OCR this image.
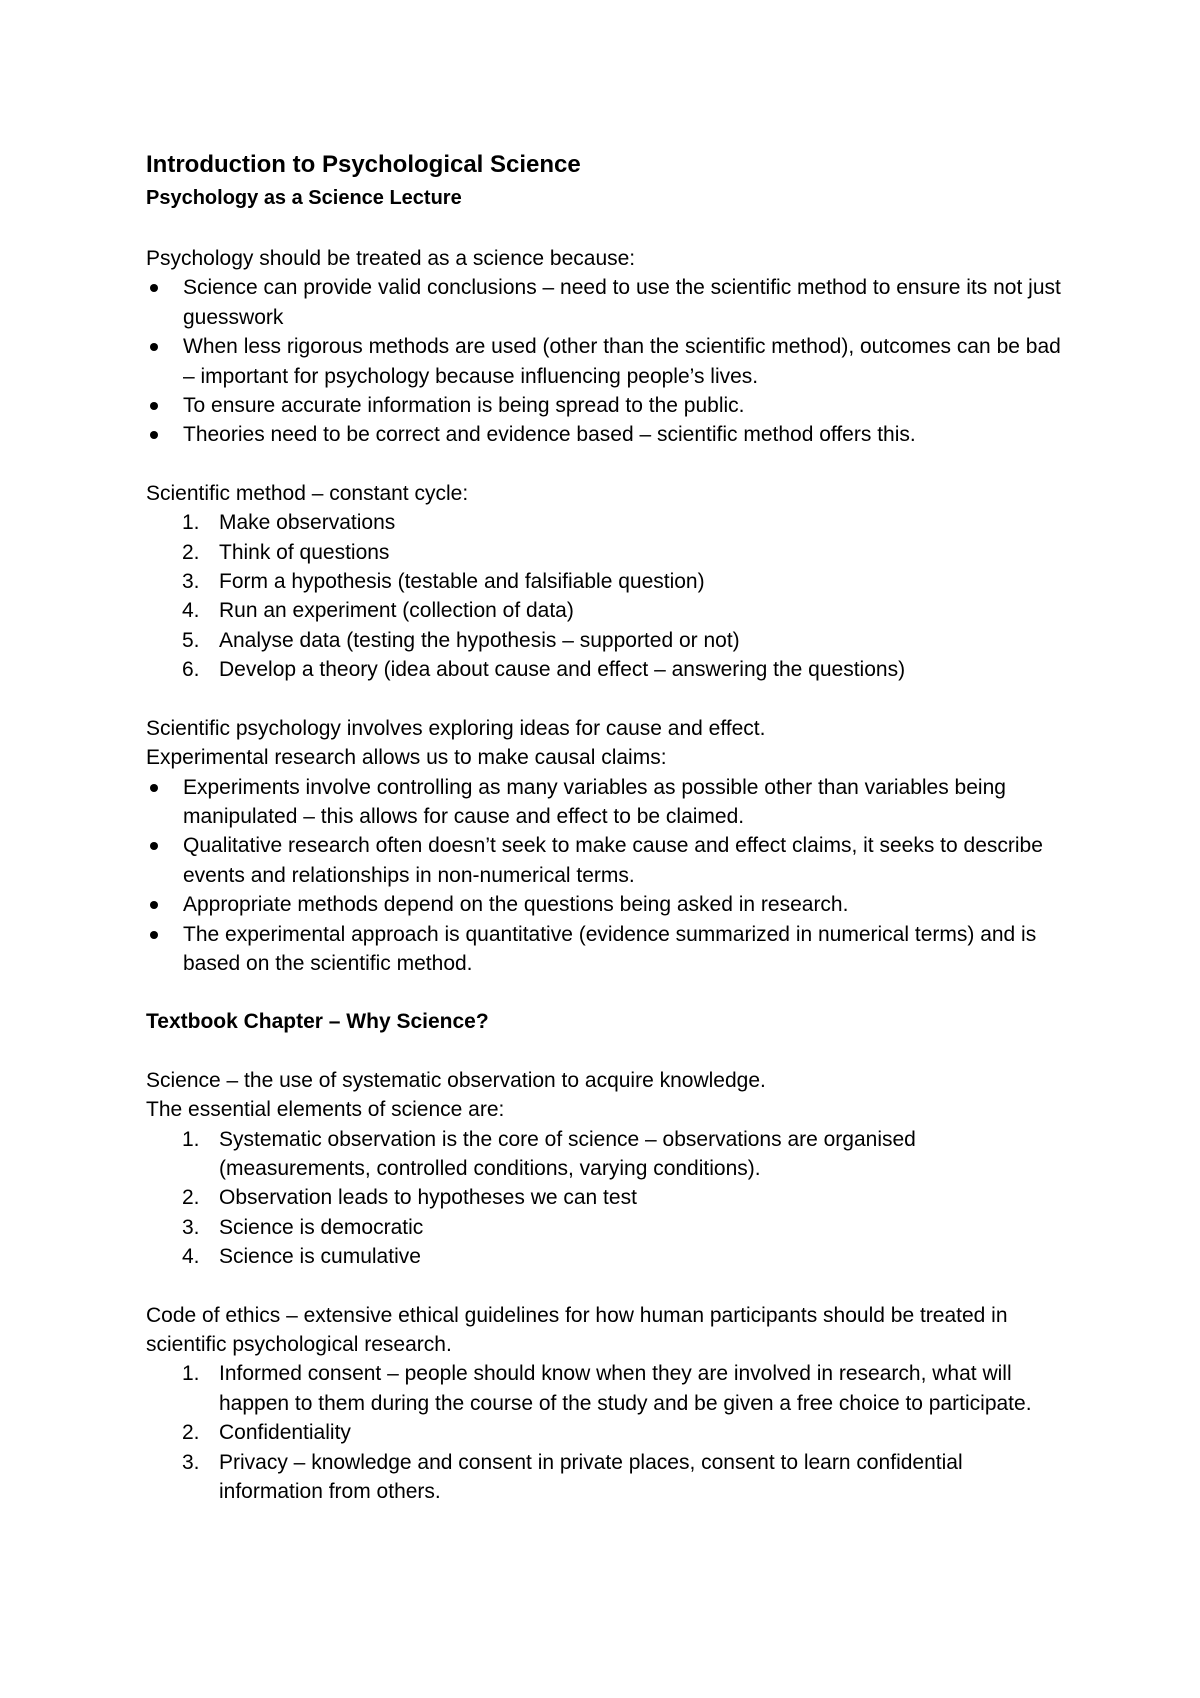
Introduction to Psychological Science
Psychology as a Science Lecture

Psychology should be treated as a science because:

Science can provide valid conclusions – need to use the scientific method to ensure its not just guesswork
When less rigorous methods are used (other than the scientific method), outcomes can be bad – important for psychology because influencing people’s lives.
To ensure accurate information is being spread to the public.
Theories need to be correct and evidence based – scientific method offers this.

Scientific method – constant cycle:

1. Make observations
2. Think of questions
3. Form a hypothesis (testable and falsifiable question)
4. Run an experiment (collection of data)
5. Analyse data (testing the hypothesis – supported or not)
6. Develop a theory (idea about cause and effect – answering the questions)

Scientific psychology involves exploring ideas for cause and effect.

Experimental research allows us to make causal claims:

Experiments involve controlling as many variables as possible other than variables being manipulated – this allows for cause and effect to be claimed.
Qualitative research often doesn’t seek to make cause and effect claims, it seeks to describe events and relationships in non-numerical terms.
Appropriate methods depend on the questions being asked in research.
The experimental approach is quantitative (evidence summarized in numerical terms) and is based on the scientific method.

Textbook Chapter – Why Science?

Science – the use of systematic observation to acquire knowledge.

The essential elements of science are:

1. Systematic observation is the core of science – observations are organised (measurements, controlled conditions, varying conditions).
2. Observation leads to hypotheses we can test
3. Science is democratic
4. Science is cumulative

Code of ethics – extensive ethical guidelines for how human participants should be treated in scientific psychological research.

1. Informed consent – people should know when they are involved in research, what will happen to them during the course of the study and be given a free choice to participate.
2. Confidentiality
3. Privacy – knowledge and consent in private places, consent to learn confidential information from others.
